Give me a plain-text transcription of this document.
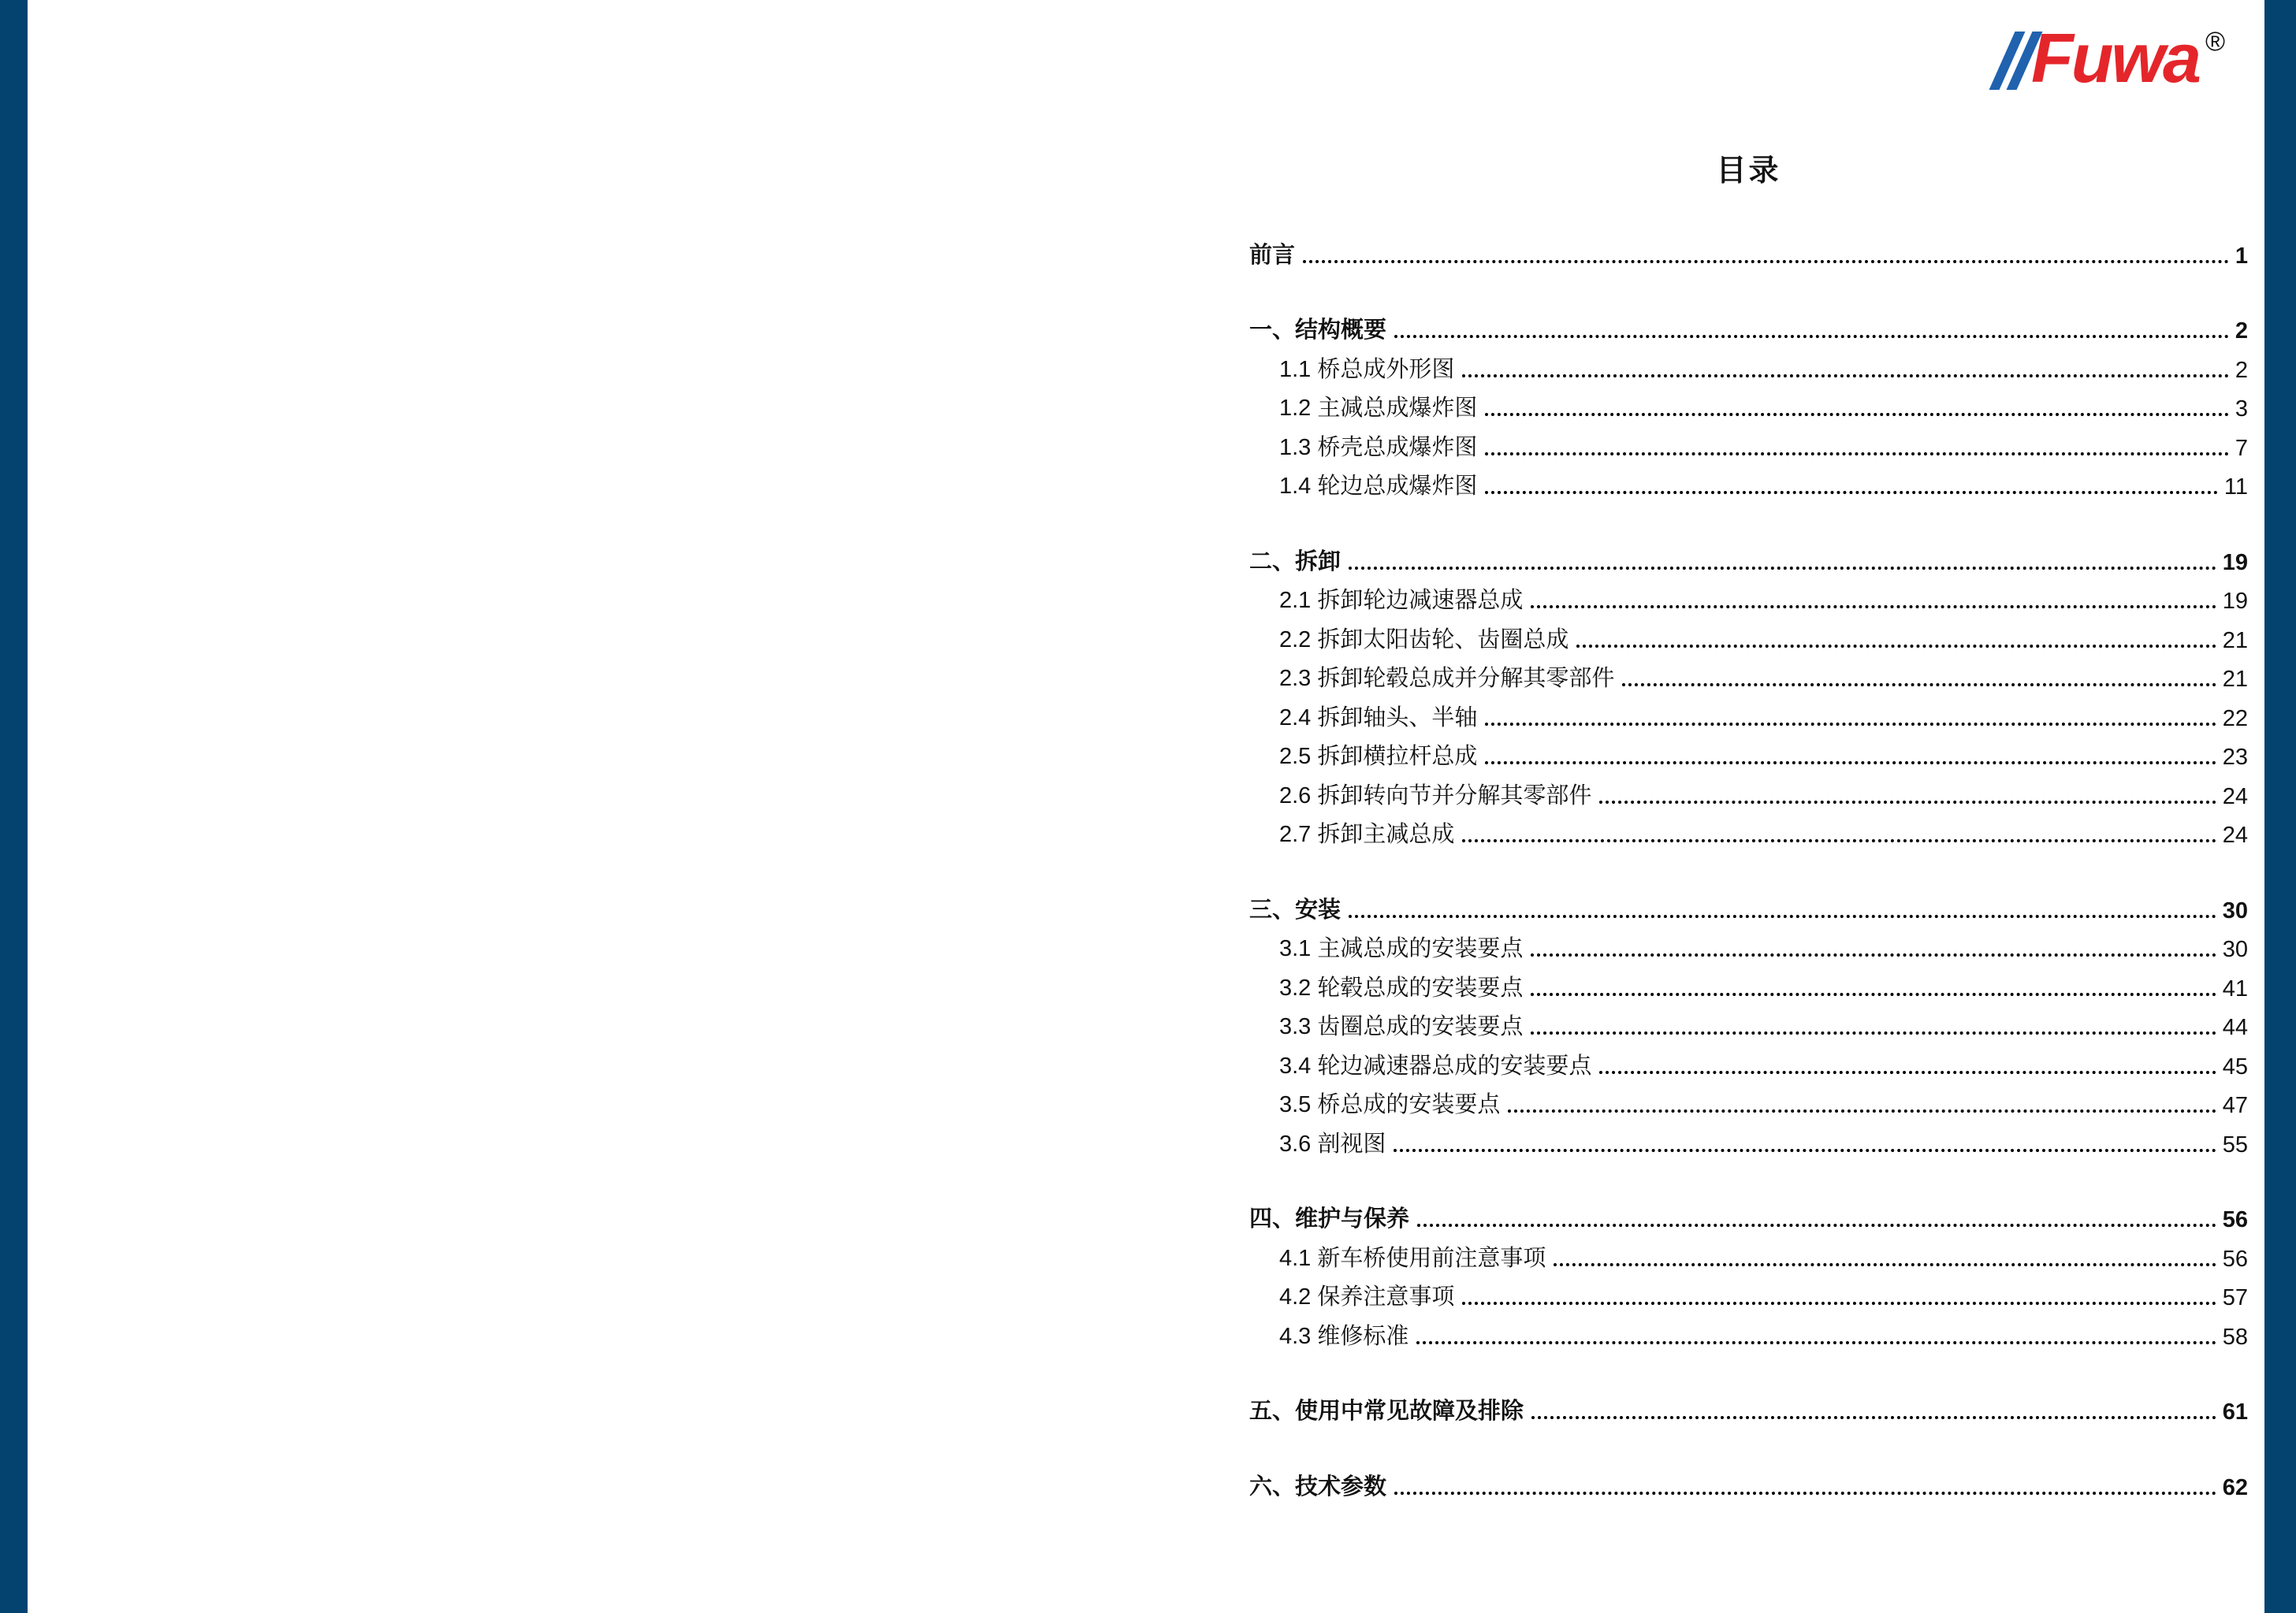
Fuwa ®
目录
前言	1
一、结构概要	2
1.1 桥总成外形图	2
1.2 主减总成爆炸图	3
1.3 桥壳总成爆炸图	7
1.4 轮边总成爆炸图	11
二、拆卸	19
2.1 拆卸轮边减速器总成	19
2.2 拆卸太阳齿轮、齿圈总成	21
2.3 拆卸轮毂总成并分解其零部件	21
2.4 拆卸轴头、半轴	22
2.5 拆卸横拉杆总成	23
2.6 拆卸转向节并分解其零部件	24
2.7 拆卸主减总成	24
三、安装	30
3.1 主减总成的安装要点	30
3.2 轮毂总成的安装要点	41
3.3 齿圈总成的安装要点	44
3.4 轮边减速器总成的安装要点	45
3.5 桥总成的安装要点	47
3.6 剖视图	55
四、维护与保养	56
4.1 新车桥使用前注意事项	56
4.2 保养注意事项	57
4.3 维修标准	58
五、使用中常见故障及排除	61
六、技术参数	62
